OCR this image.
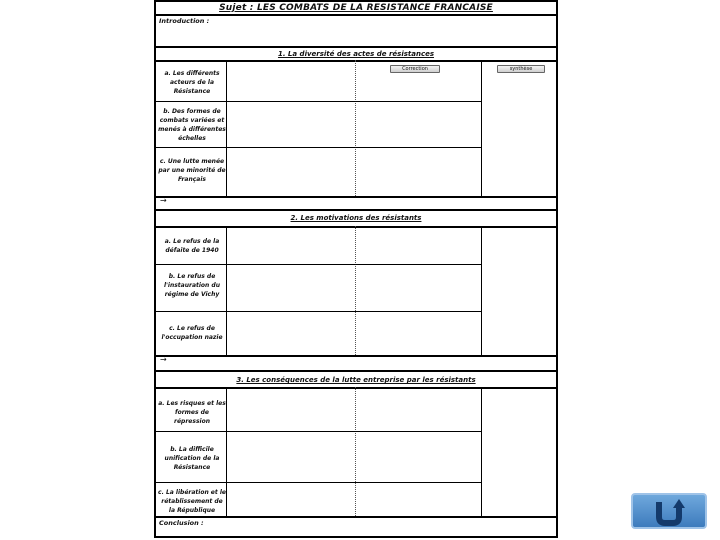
Sujet : LES COMBATS DE LA RESISTANCE FRANCAISE
Introduction :
1. La diversité des actes de résistances
Correction	synthèse
a. Les différents acteurs de la Résistance
b. Des formes de combats variées et menés à différentes échelles
c. Une lutte menée par une minorité de Français
→
2. Les motivations des résistants
a. Le refus de la défaite de 1940
b. Le refus de l'instauration du régime de Vichy
c. Le refus de l'occupation nazie
→
3. Les conséquences de la lutte entreprise par les résistants
a. Les risques et les formes de répression
b. La difficile unification de la Résistance
c. La libération et le rétablissement de la République
Conclusion :
